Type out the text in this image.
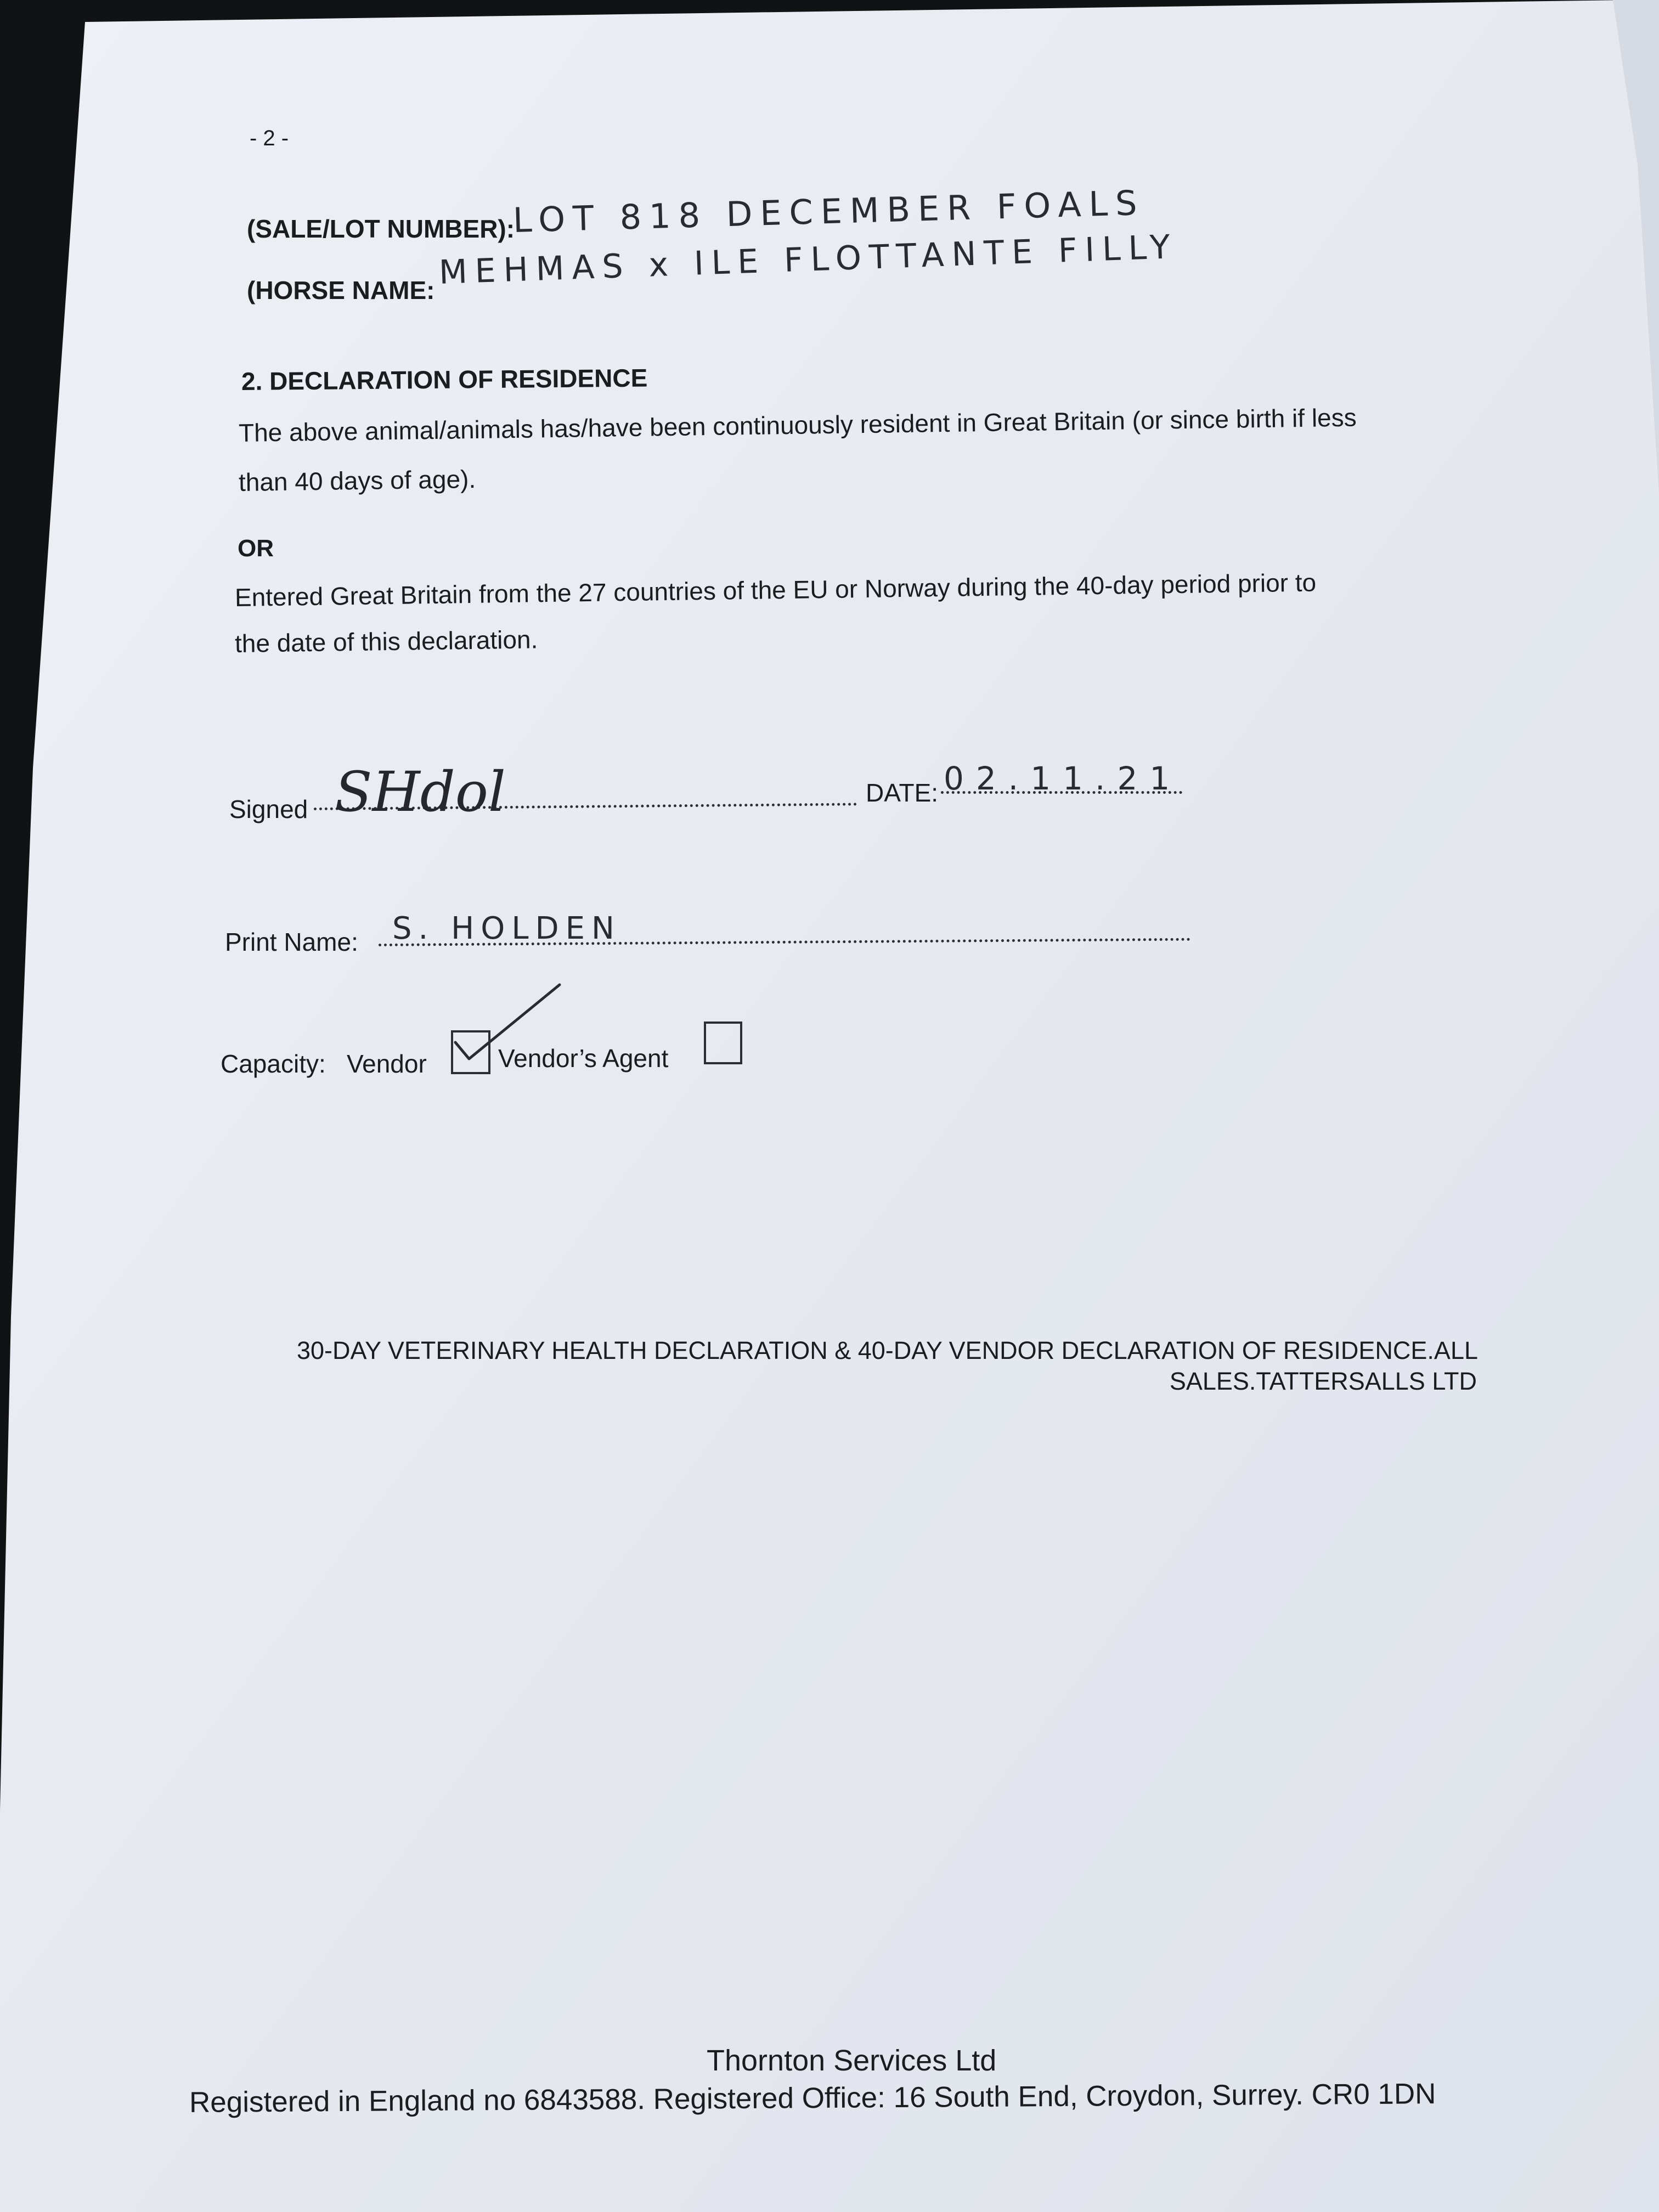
- 2 -
(SALE/LOT NUMBER):
LOT 818 DECEMBER FOALS
(HORSE NAME: MEHMAS x ILE FLOTTANTE FILLY
2. DECLARATION OF RESIDENCE
The above animal/animals has/have been continuously resident in Great Britain (or since birth if less
than 40 days of age).
OR
Entered Great Britain from the 27 countries of the EU or Norway during the 40-day period prior to
the date of this declaration.
Signed SHdol	DATE: 02.11.21
Print Name: S. HOLDEN
Capacity: Vendor	Vendor’s Agent
30-DAY VETERINARY HEALTH DECLARATION & 40-DAY VENDOR DECLARATION OF RESIDENCE.ALL
SALES.TATTERSALLS LTD
Thornton Services Ltd
Registered in England no 6843588. Registered Office: 16 South End, Croydon, Surrey. CR0 1DN
